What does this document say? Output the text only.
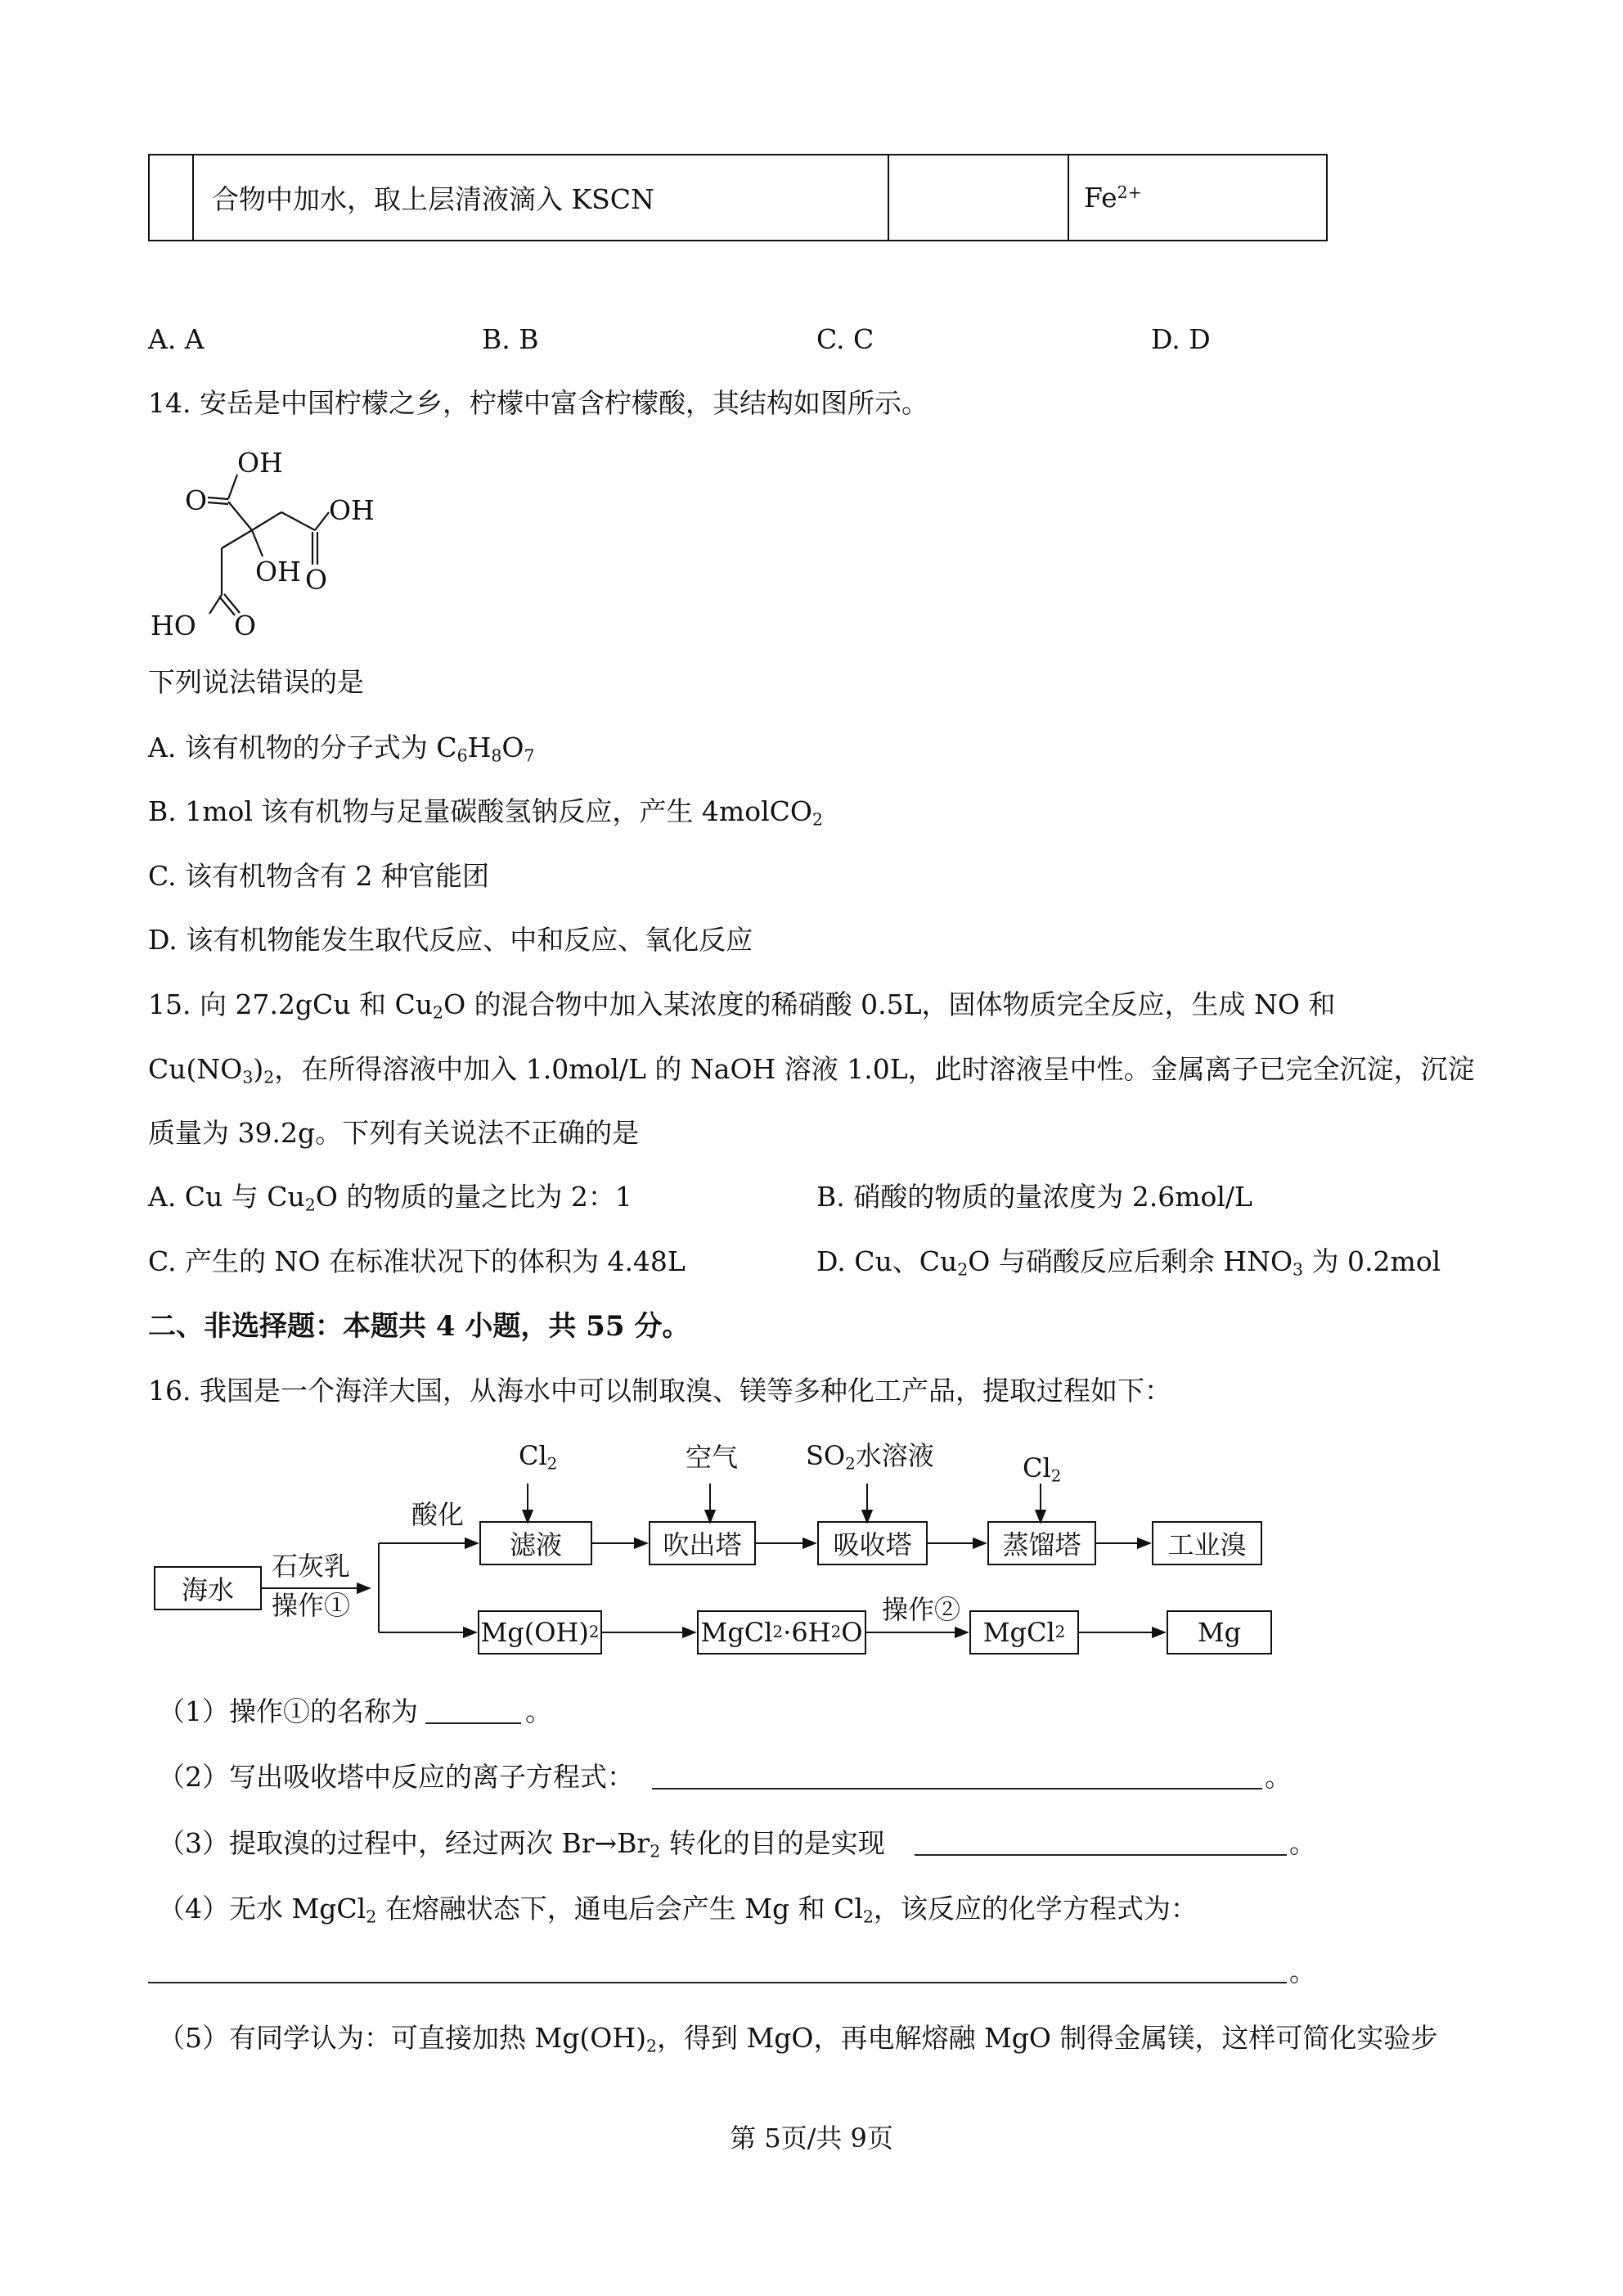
	合物中加水，取上层清液滴入 KSCN		$Fe^{2+}$
A. A	B. B	C. C	D. D
14. 安岳是中国柠檬之乡，柠檬中富含柠檬酸，其结构如图所示。
OH
O	OH
OH O
HO O
下列说法错误的是
A. 该有机物的分子式为 $C_6H_8O_7$
B. 1mol 该有机物与足量碳酸氢钠反应，产生 4molCO$_2$
C. 该有机物含有 2 种官能团
D. 该有机物能发生取代反应、中和反应、氧化反应
15. 向 27.2gCu 和 $Cu_2O$ 的混合物中加入某浓度的稀硝酸 0.5L，固体物质完全反应，生成 NO 和
$Cu(NO_3)_2$，在所得溶液中加入 1.0mol/L 的 NaOH 溶液 1.0L，此时溶液呈中性。金属离子已完全沉淀，沉淀
质量为 39.2g。下列有关说法不正确的是
A. Cu 与 $Cu_2O$ 的物质的量之比为 2：1	B. 硝酸的物质的量浓度为 2.6mol/L
C. 产生的 NO 在标准状况下的体积为 4.48L	D. Cu、$Cu_2O$ 与硝酸反应后剩余 $HNO_3$ 为 0.2mol
二、非选择题：本题共 4 小题，共 55 分。
16. 我国是一个海洋大国，从海水中可以制取溴、镁等多种化工产品，提取过程如下：
海水
滤液	吹出塔	吸收塔	蒸馏塔	工业溴
Mg(OH) 2	MgCl 2 ·6H 2 O	MgCl 2	Mg
石灰乳
操作①
酸化
$Cl_2$	空气	$SO_2$水溶液	$Cl_2$
操作②
（1）操作①的名称为	。
（2）写出吸收塔中反应的离子方程式：	。
（3）提取溴的过程中，经过两次 $Br\to Br_2$ 转化的目的是实现	。
（4）无水 MgCl$_2$ 在熔融状态下，通电后会产生 Mg 和 $Cl_2$，该反应的化学方程式为：
。
（5）有同学认为：可直接加热 $Mg(OH)_2$，得到 MgO，再电解熔融 MgO 制得金属镁，这样可简化实验步
第 5页/共 9页
